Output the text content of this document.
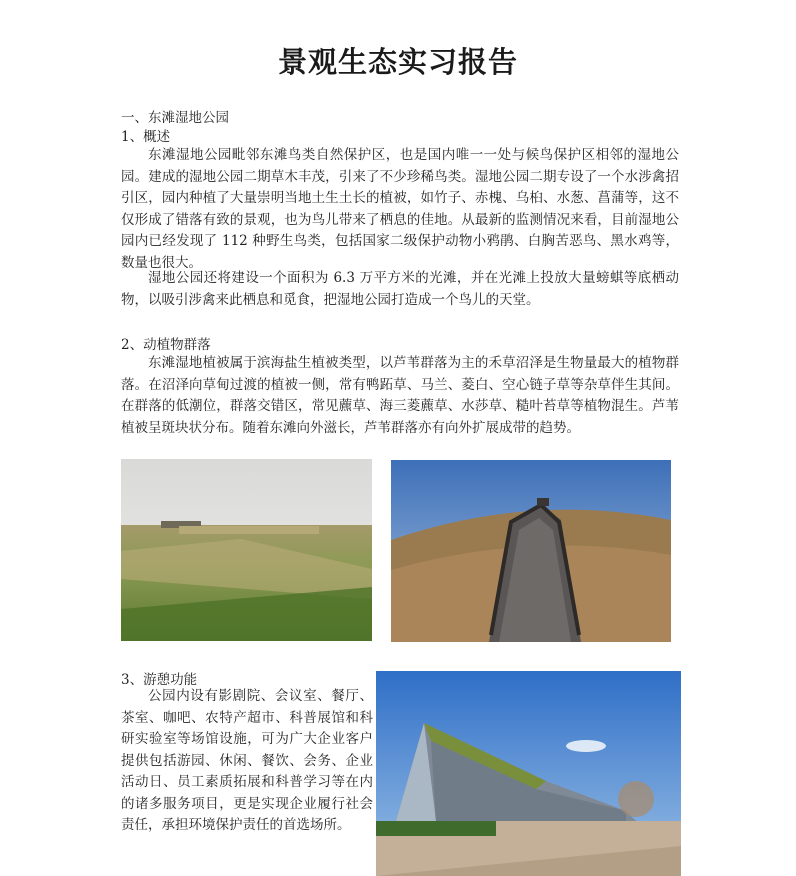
景观生态实习报告
一、东滩湿地公园
1、概述
东滩湿地公园毗邻东滩鸟类自然保护区，也是国内唯一一处与候鸟保护区相邻的湿地公园。建成的湿地公园二期草木丰茂，引来了不少珍稀鸟类。湿地公园二期专设了一个水涉禽招引区，园内种植了大量崇明当地土生土长的植被，如竹子、赤槐、乌桕、水葱、菖蒲等，这不仅形成了错落有致的景观，也为鸟儿带来了栖息的佳地。从最新的监测情况来看，目前湿地公园内已经发现了 112 种野生鸟类，包括国家二级保护动物小鸦鹃、白胸苦恶鸟、黑水鸡等，数量也很大。
湿地公园还将建设一个面积为 6.3 万平方米的光滩，并在光滩上投放大量螃蜞等底栖动物，以吸引涉禽来此栖息和觅食，把湿地公园打造成一个鸟儿的天堂。
2、动植物群落
东滩湿地植被属于滨海盐生植被类型，以芦苇群落为主的禾草沼泽是生物量最大的植物群落。在沼泽向草甸过渡的植被一侧，常有鸭跖草、马兰、菱白、空心链子草等杂草伴生其间。在群落的低潮位，群落交错区，常见藨草、海三菱藨草、水莎草、糙叶苔草等植物混生。芦苇植被呈斑块状分布。随着东滩向外滋长，芦苇群落亦有向外扩展成带的趋势。
3、游憩功能
公园内设有影剧院、会议室、餐厅、茶室、咖吧、农特产超市、科普展馆和科研实验室等场馆设施，可为广大企业客户提供包括游园、休闲、餐饮、会务、企业活动日、员工素质拓展和科普学习等在内的诸多服务项目，更是实现企业履行社会责任，承担环境保护责任的首选场所。
